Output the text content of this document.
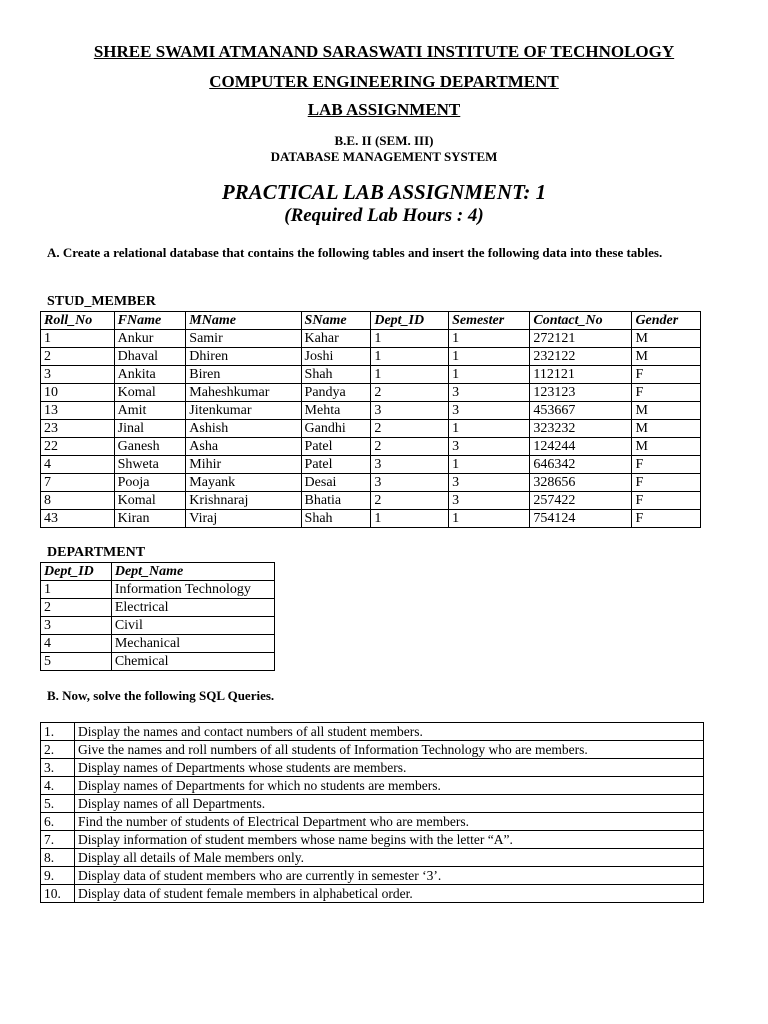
SHREE SWAMI ATMANAND SARASWATI INSTITUTE OF TECHNOLOGY
COMPUTER ENGINEERING DEPARTMENT
LAB ASSIGNMENT
B.E. II (SEM. III)
DATABASE MANAGEMENT SYSTEM
PRACTICAL LAB ASSIGNMENT: 1
(Required Lab Hours : 4)
A. Create a relational database that contains the following tables and insert the following data into these tables.
STUD_MEMBER
Roll_No	FName	MName	SName	Dept_ID	Semester	Contact_No	Gender
1	Ankur	Samir	Kahar	1	1	272121	M
2	Dhaval	Dhiren	Joshi	1	1	232122	M
3	Ankita	Biren	Shah	1	1	112121	F
10	Komal	Maheshkumar	Pandya	2	3	123123	F
13	Amit	Jitenkumar	Mehta	3	3	453667	M
23	Jinal	Ashish	Gandhi	2	1	323232	M
22	Ganesh	Asha	Patel	2	3	124244	M
4	Shweta	Mihir	Patel	3	1	646342	F
7	Pooja	Mayank	Desai	3	3	328656	F
8	Komal	Krishnaraj	Bhatia	2	3	257422	F
43	Kiran	Viraj	Shah	1	1	754124	F
DEPARTMENT
Dept_ID	Dept_Name
1	Information Technology
2	Electrical
3	Civil
4	Mechanical
5	Chemical
B. Now, solve the following SQL Queries.
1.	Display the names and contact numbers of all student members.
2.	Give the names and roll numbers of all students of Information Technology who are members.
3.	Display names of Departments whose students are members.
4.	Display names of Departments for which no students are members.
5.	Display names of all Departments.
6.	Find the number of students of Electrical Department who are members.
7.	Display information of student members whose name begins with the letter “A”.
8.	Display all details of Male members only.
9.	Display data of student members who are currently in semester ‘3’.
10.	Display data of student female members in alphabetical order.
